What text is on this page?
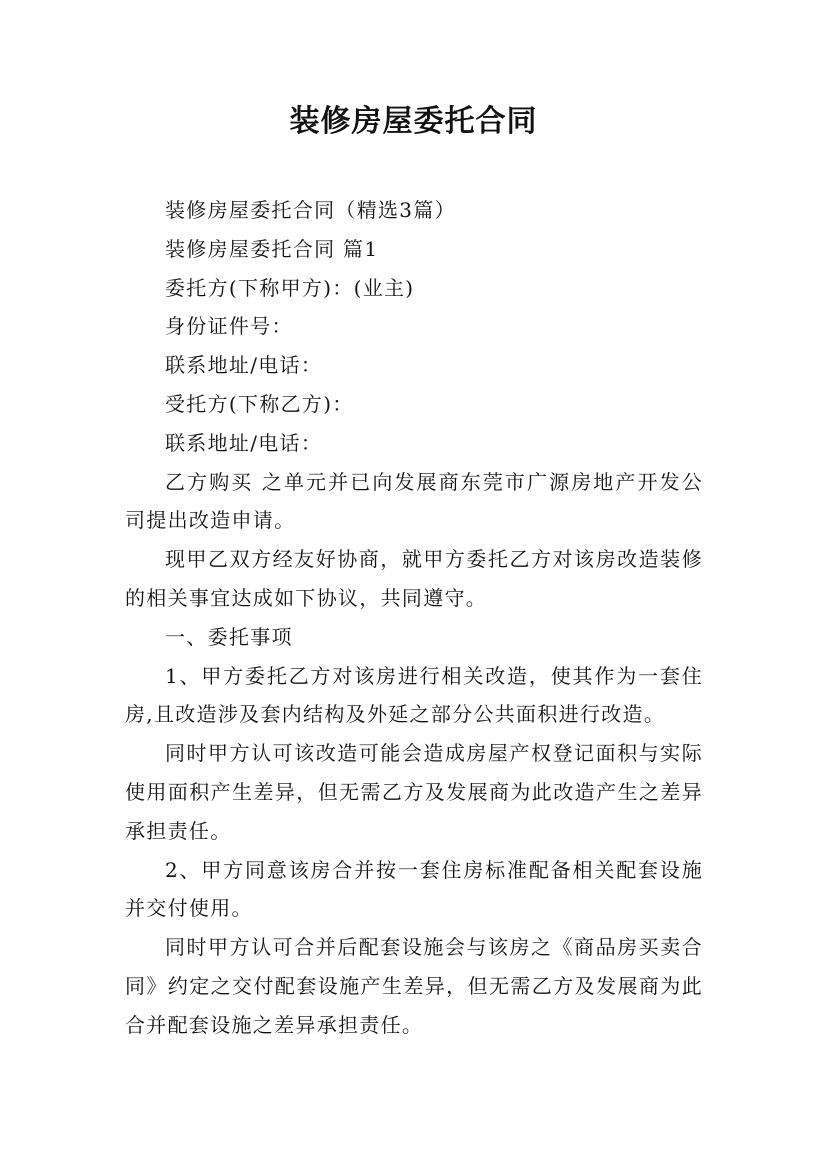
装修房屋委托合同

装修房屋委托合同（精选3篇）

装修房屋委托合同 篇1

委托方(下称甲方)：(业主)

身份证件号：

联系地址/电话：

受托方(下称乙方)：

联系地址/电话：

乙方购买 之单元并已向发展商东莞市广源房地产开发公司提出改造申请。

现甲乙双方经友好协商，就甲方委托乙方对该房改造装修的相关事宜达成如下协议，共同遵守。

一、委托事项

1、甲方委托乙方对该房进行相关改造，使其作为一套住房,且改造涉及套内结构及外延之部分公共面积进行改造。

同时甲方认可该改造可能会造成房屋产权登记面积与实际使用面积产生差异，但无需乙方及发展商为此改造产生之差异承担责任。

2、甲方同意该房合并按一套住房标准配备相关配套设施并交付使用。

同时甲方认可合并后配套设施会与该房之《商品房买卖合同》约定之交付配套设施产生差异，但无需乙方及发展商为此合并配套设施之差异承担责任。
